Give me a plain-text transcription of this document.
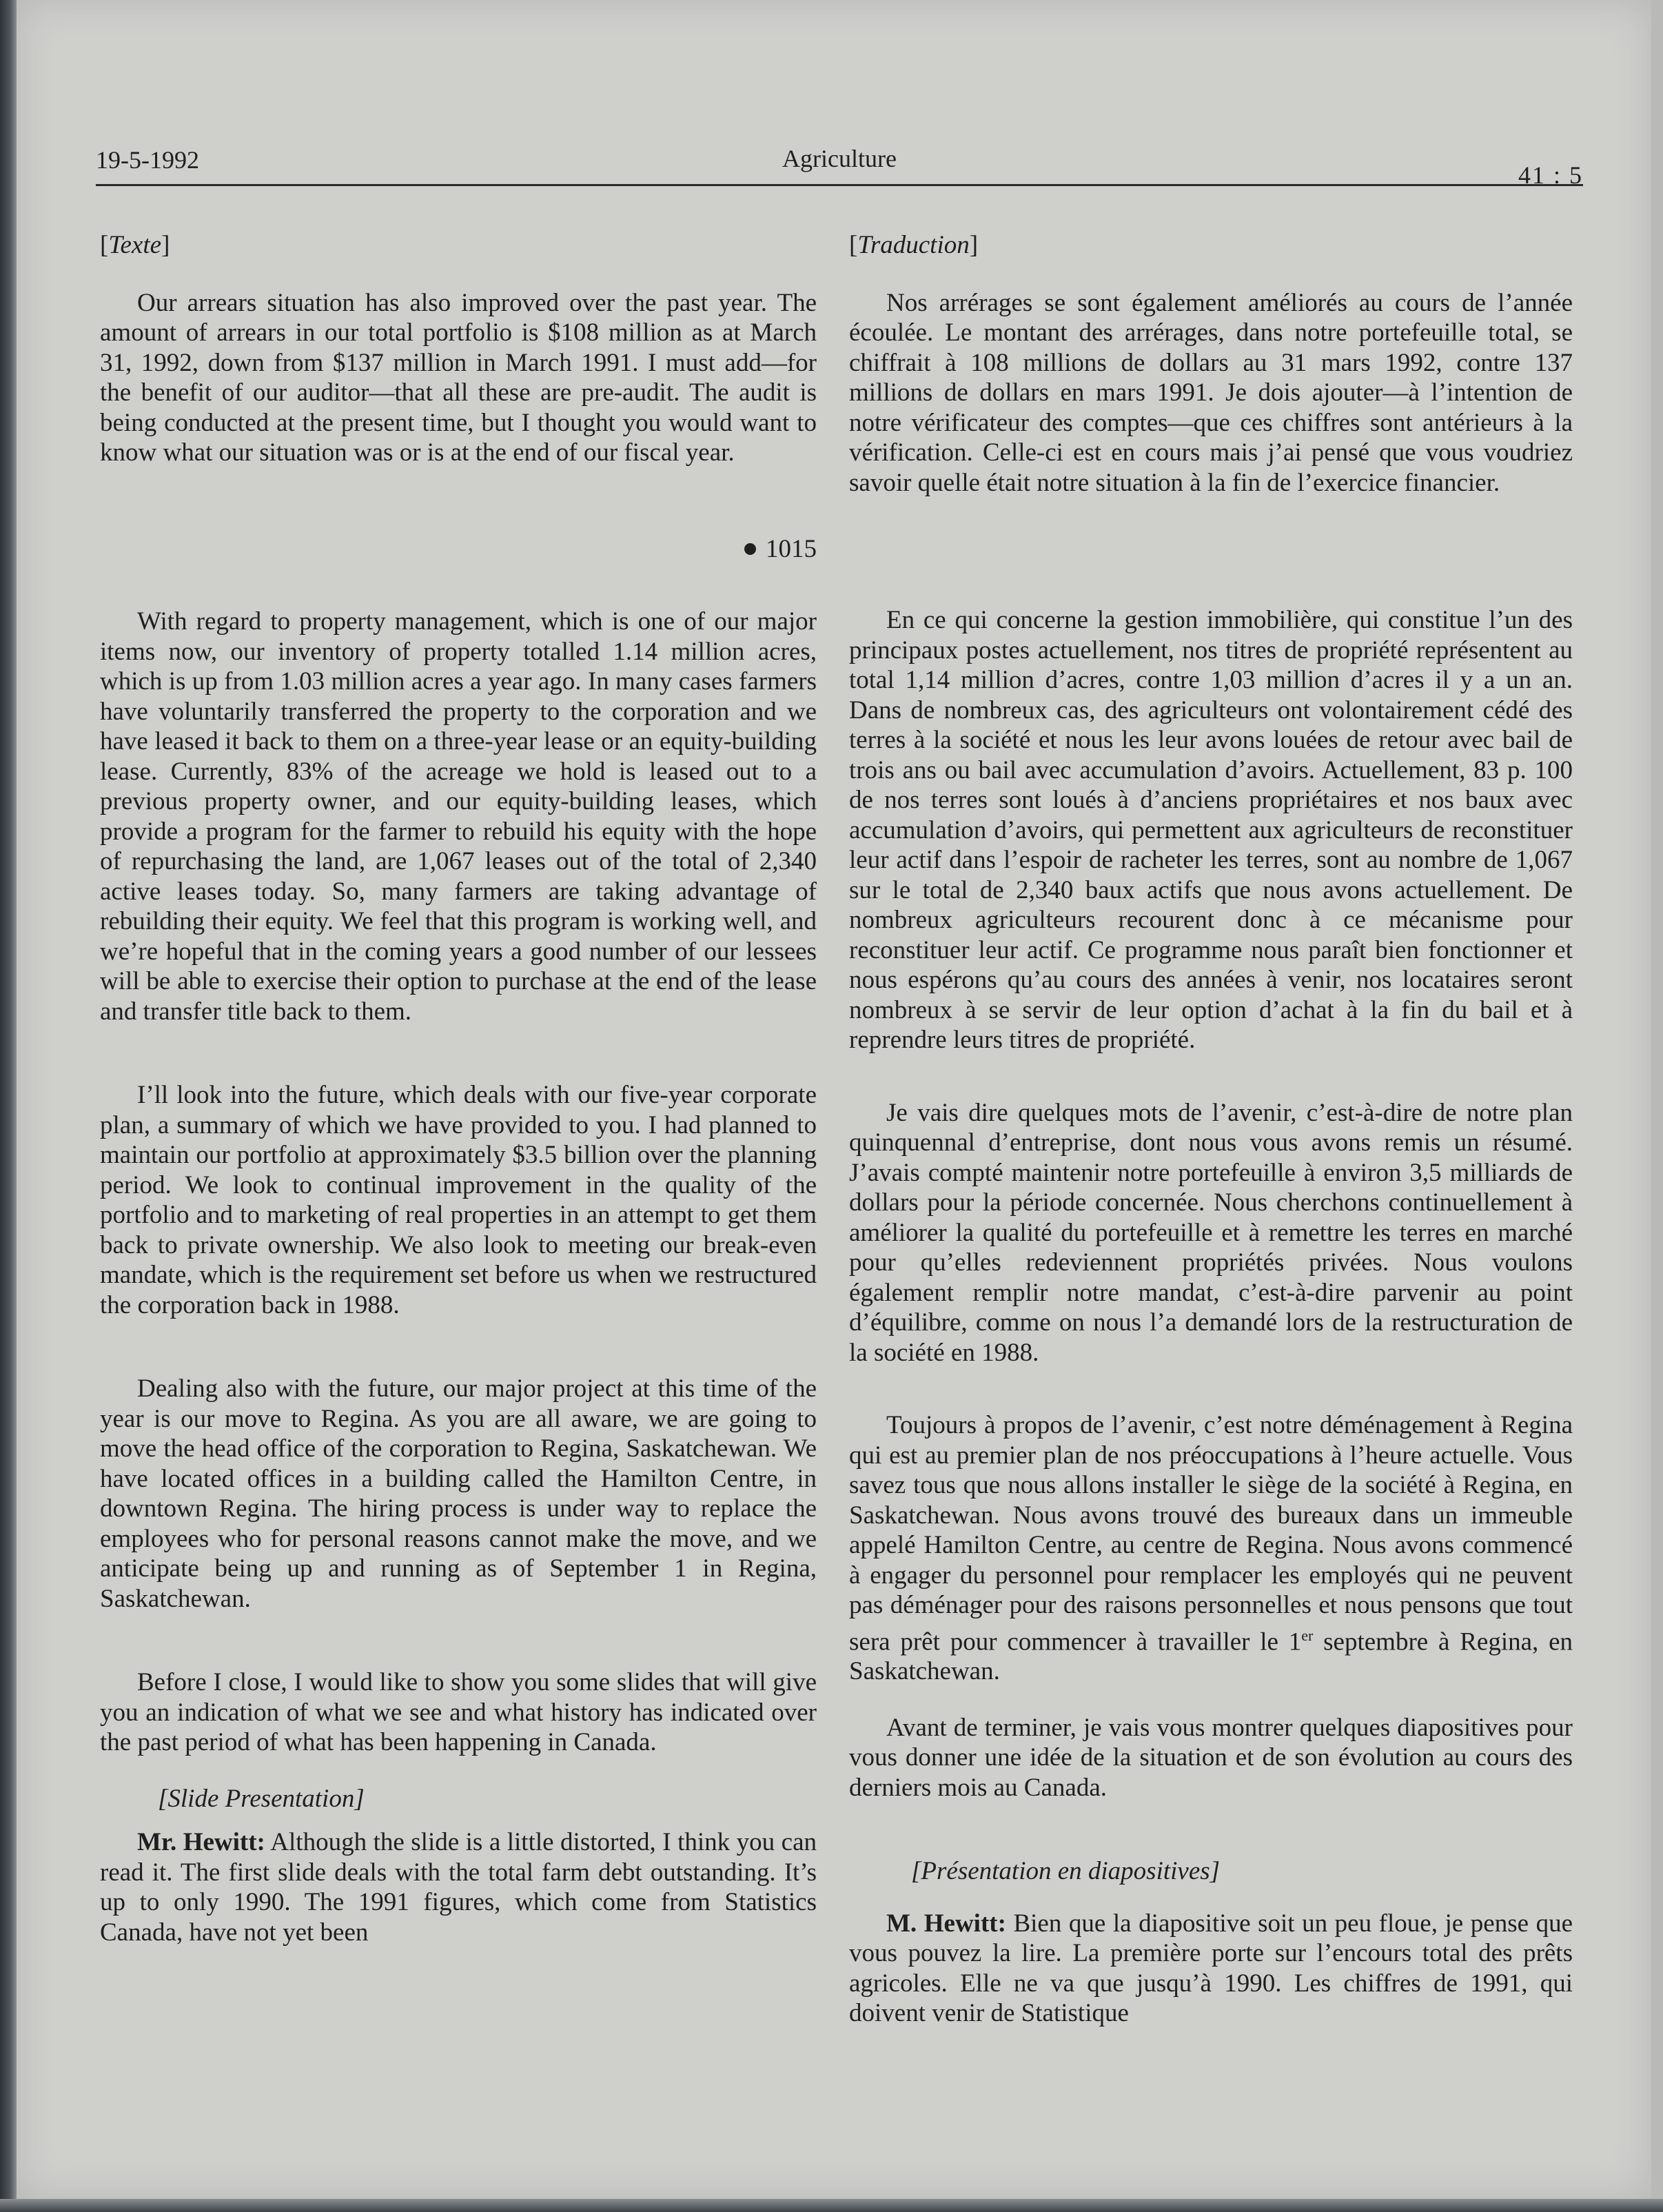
19-5-1992	Agriculture
41 : 5
[Texte]

Our arrears situation has also improved over the past year. The amount of arrears in our total portfolio is $108 million as at March 31, 1992, down from $137 million in March 1991. I must add—for the benefit of our auditor—that all these are pre-audit. The audit is being conducted at the present time, but I thought you would want to know what our situation was or is at the end of our fiscal year.

1015

With regard to property management, which is one of our major items now, our inventory of property totalled 1.14 million acres, which is up from 1.03 million acres a year ago. In many cases farmers have voluntarily transferred the property to the corporation and we have leased it back to them on a three-year lease or an equity-building lease. Currently, 83% of the acreage we hold is leased out to a previous property owner, and our equity-building leases, which provide a program for the farmer to rebuild his equity with the hope of repurchasing the land, are 1,067 leases out of the total of 2,340 active leases today. So, many farmers are taking advantage of rebuilding their equity. We feel that this program is working well, and we’re hopeful that in the coming years a good number of our lessees will be able to exercise their option to purchase at the end of the lease and transfer title back to them.

I’ll look into the future, which deals with our five-year corporate plan, a summary of which we have provided to you. I had planned to maintain our portfolio at approximately $3.5 billion over the planning period. We look to continual improvement in the quality of the portfolio and to marketing of real properties in an attempt to get them back to private ownership. We also look to meeting our break-even mandate, which is the requirement set before us when we restructured the corporation back in 1988.

Dealing also with the future, our major project at this time of the year is our move to Regina. As you are all aware, we are going to move the head office of the corporation to Regina, Saskatchewan. We have located offices in a building called the Hamilton Centre, in downtown Regina. The hiring process is under way to replace the employees who for personal reasons cannot make the move, and we anticipate being up and running as of September 1 in Regina, Saskatchewan.

Before I close, I would like to show you some slides that will give you an indication of what we see and what history has indicated over the past period of what has been happening in Canada.

[Slide Presentation]

Mr. Hewitt: Although the slide is a little distorted, I think you can read it. The first slide deals with the total farm debt outstanding. It’s up to only 1990. The 1991 figures, which come from Statistics Canada, have not yet been

[Traduction]

Nos arrérages se sont également améliorés au cours de l’année écoulée. Le montant des arrérages, dans notre portefeuille total, se chiffrait à 108 millions de dollars au 31 mars 1992, contre 137 millions de dollars en mars 1991. Je dois ajouter—à l’intention de notre vérificateur des comptes—que ces chiffres sont antérieurs à la vérification. Celle-ci est en cours mais j’ai pensé que vous voudriez savoir quelle était notre situation à la fin de l’exercice financier.

En ce qui concerne la gestion immobilière, qui constitue l’un des principaux postes actuellement, nos titres de propriété représentent au total 1,14 million d’acres, contre 1,03 million d’acres il y a un an. Dans de nombreux cas, des agriculteurs ont volontairement cédé des terres à la société et nous les leur avons louées de retour avec bail de trois ans ou bail avec accumulation d’avoirs. Actuellement, 83 p. 100 de nos terres sont loués à d’anciens propriétaires et nos baux avec accumulation d’avoirs, qui permettent aux agriculteurs de reconstituer leur actif dans l’espoir de racheter les terres, sont au nombre de 1,067 sur le total de 2,340 baux actifs que nous avons actuellement. De nombreux agriculteurs recourent donc à ce mécanisme pour reconstituer leur actif. Ce programme nous paraît bien fonctionner et nous espérons qu’au cours des années à venir, nos locataires seront nombreux à se servir de leur option d’achat à la fin du bail et à reprendre leurs titres de propriété.

Je vais dire quelques mots de l’avenir, c’est-à-dire de notre plan quinquennal d’entreprise, dont nous vous avons remis un résumé. J’avais compté maintenir notre portefeuille à environ 3,5 milliards de dollars pour la période concernée. Nous cherchons continuellement à améliorer la qualité du portefeuille et à remettre les terres en marché pour qu’elles redeviennent propriétés privées. Nous voulons également remplir notre mandat, c’est-à-dire parvenir au point d’équilibre, comme on nous l’a demandé lors de la restructuration de la société en 1988.

Toujours à propos de l’avenir, c’est notre déménagement à Regina qui est au premier plan de nos préoccupations à l’heure actuelle. Vous savez tous que nous allons installer le siège de la société à Regina, en Saskatchewan. Nous avons trouvé des bureaux dans un immeuble appelé Hamilton Centre, au centre de Regina. Nous avons commencé à engager du personnel pour remplacer les employés qui ne peuvent pas déménager pour des raisons personnelles et nous pensons que tout sera prêt pour commencer à travailler le 1er septembre à Regina, en Saskatchewan.

Avant de terminer, je vais vous montrer quelques diapositives pour vous donner une idée de la situation et de son évolution au cours des derniers mois au Canada.

[Présentation en diapositives]

M. Hewitt: Bien que la diapositive soit un peu floue, je pense que vous pouvez la lire. La première porte sur l’encours total des prêts agricoles. Elle ne va que jusqu’à 1990. Les chiffres de 1991, qui doivent venir de Statistique
